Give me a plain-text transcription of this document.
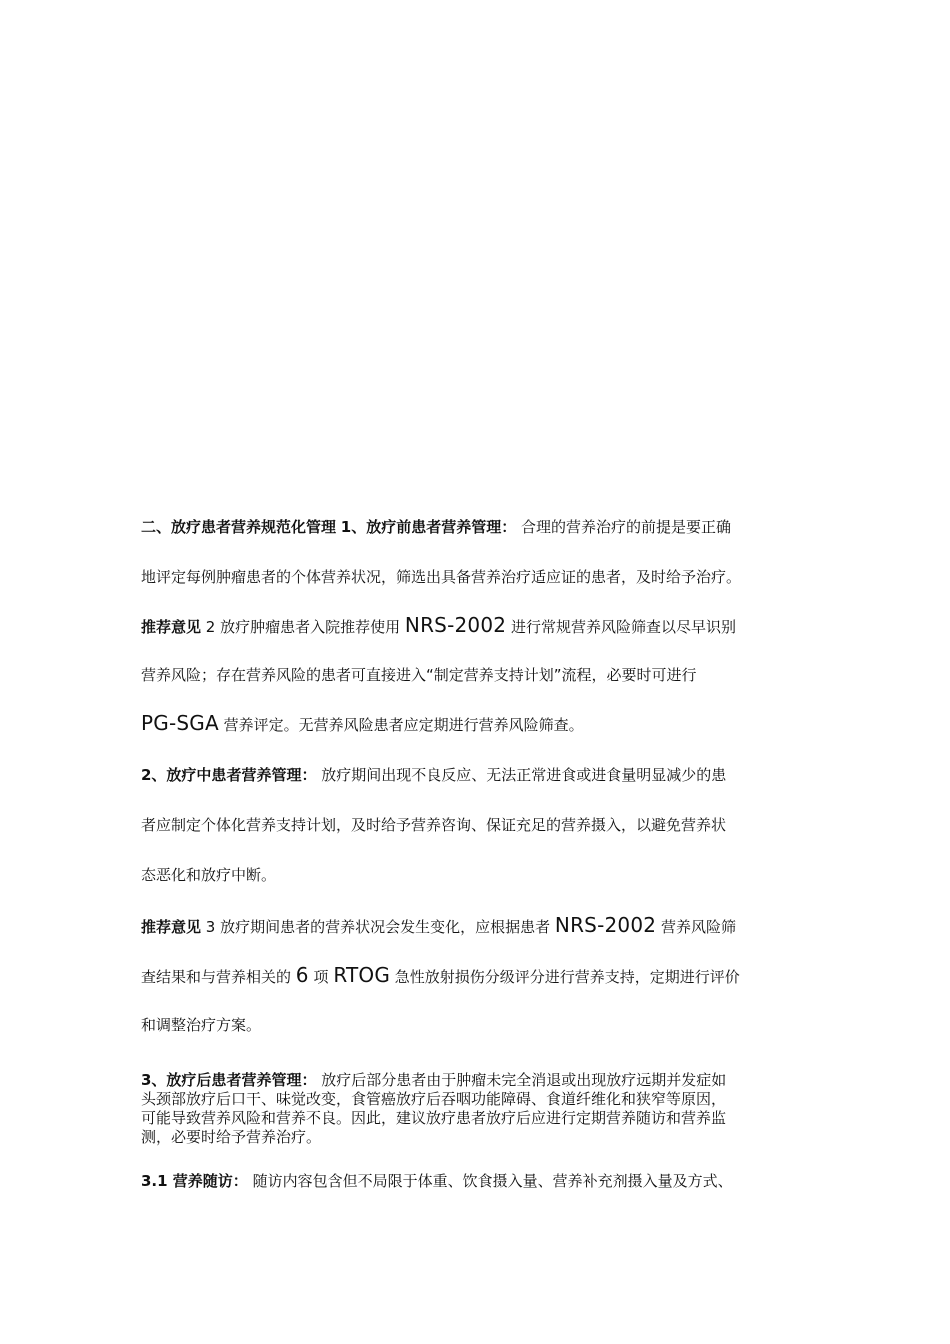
二、放疗患者营养规范化管理 1、放疗前患者营养管理： 合理的营养治疗的前提是要正确
地评定每例肿瘤患者的个体营养状况，筛选出具备营养治疗适应证的患者，及时给予治疗。
推荐意见 2 放疗肿瘤患者入院推荐使用 NRS-2002 进行常规营养风险筛查以尽早识别
营养风险；存在营养风险的患者可直接进入“制定营养支持计划”流程，必要时可进行
PG-SGA 营养评定。无营养风险患者应定期进行营养风险筛查。
2、放疗中患者营养管理： 放疗期间出现不良反应、无法正常进食或进食量明显减少的患
者应制定个体化营养支持计划，及时给予营养咨询、保证充足的营养摄入，以避免营养状
态恶化和放疗中断。
推荐意见 3 放疗期间患者的营养状况会发生变化，应根据患者 NRS-2002 营养风险筛
查结果和与营养相关的 6 项 RTOG 急性放射损伤分级评分进行营养支持，定期进行评价
和调整治疗方案。
3、放疗后患者营养管理： 放疗后部分患者由于肿瘤未完全消退或出现放疗远期并发症如
头颈部放疗后口干、味觉改变，食管癌放疗后吞咽功能障碍、食道纤维化和狭窄等原因，
可能导致营养风险和营养不良。因此，建议放疗患者放疗后应进行定期营养随访和营养监
测，必要时给予营养治疗。
3.1 营养随访： 随访内容包含但不局限于体重、饮食摄入量、营养补充剂摄入量及方式、
